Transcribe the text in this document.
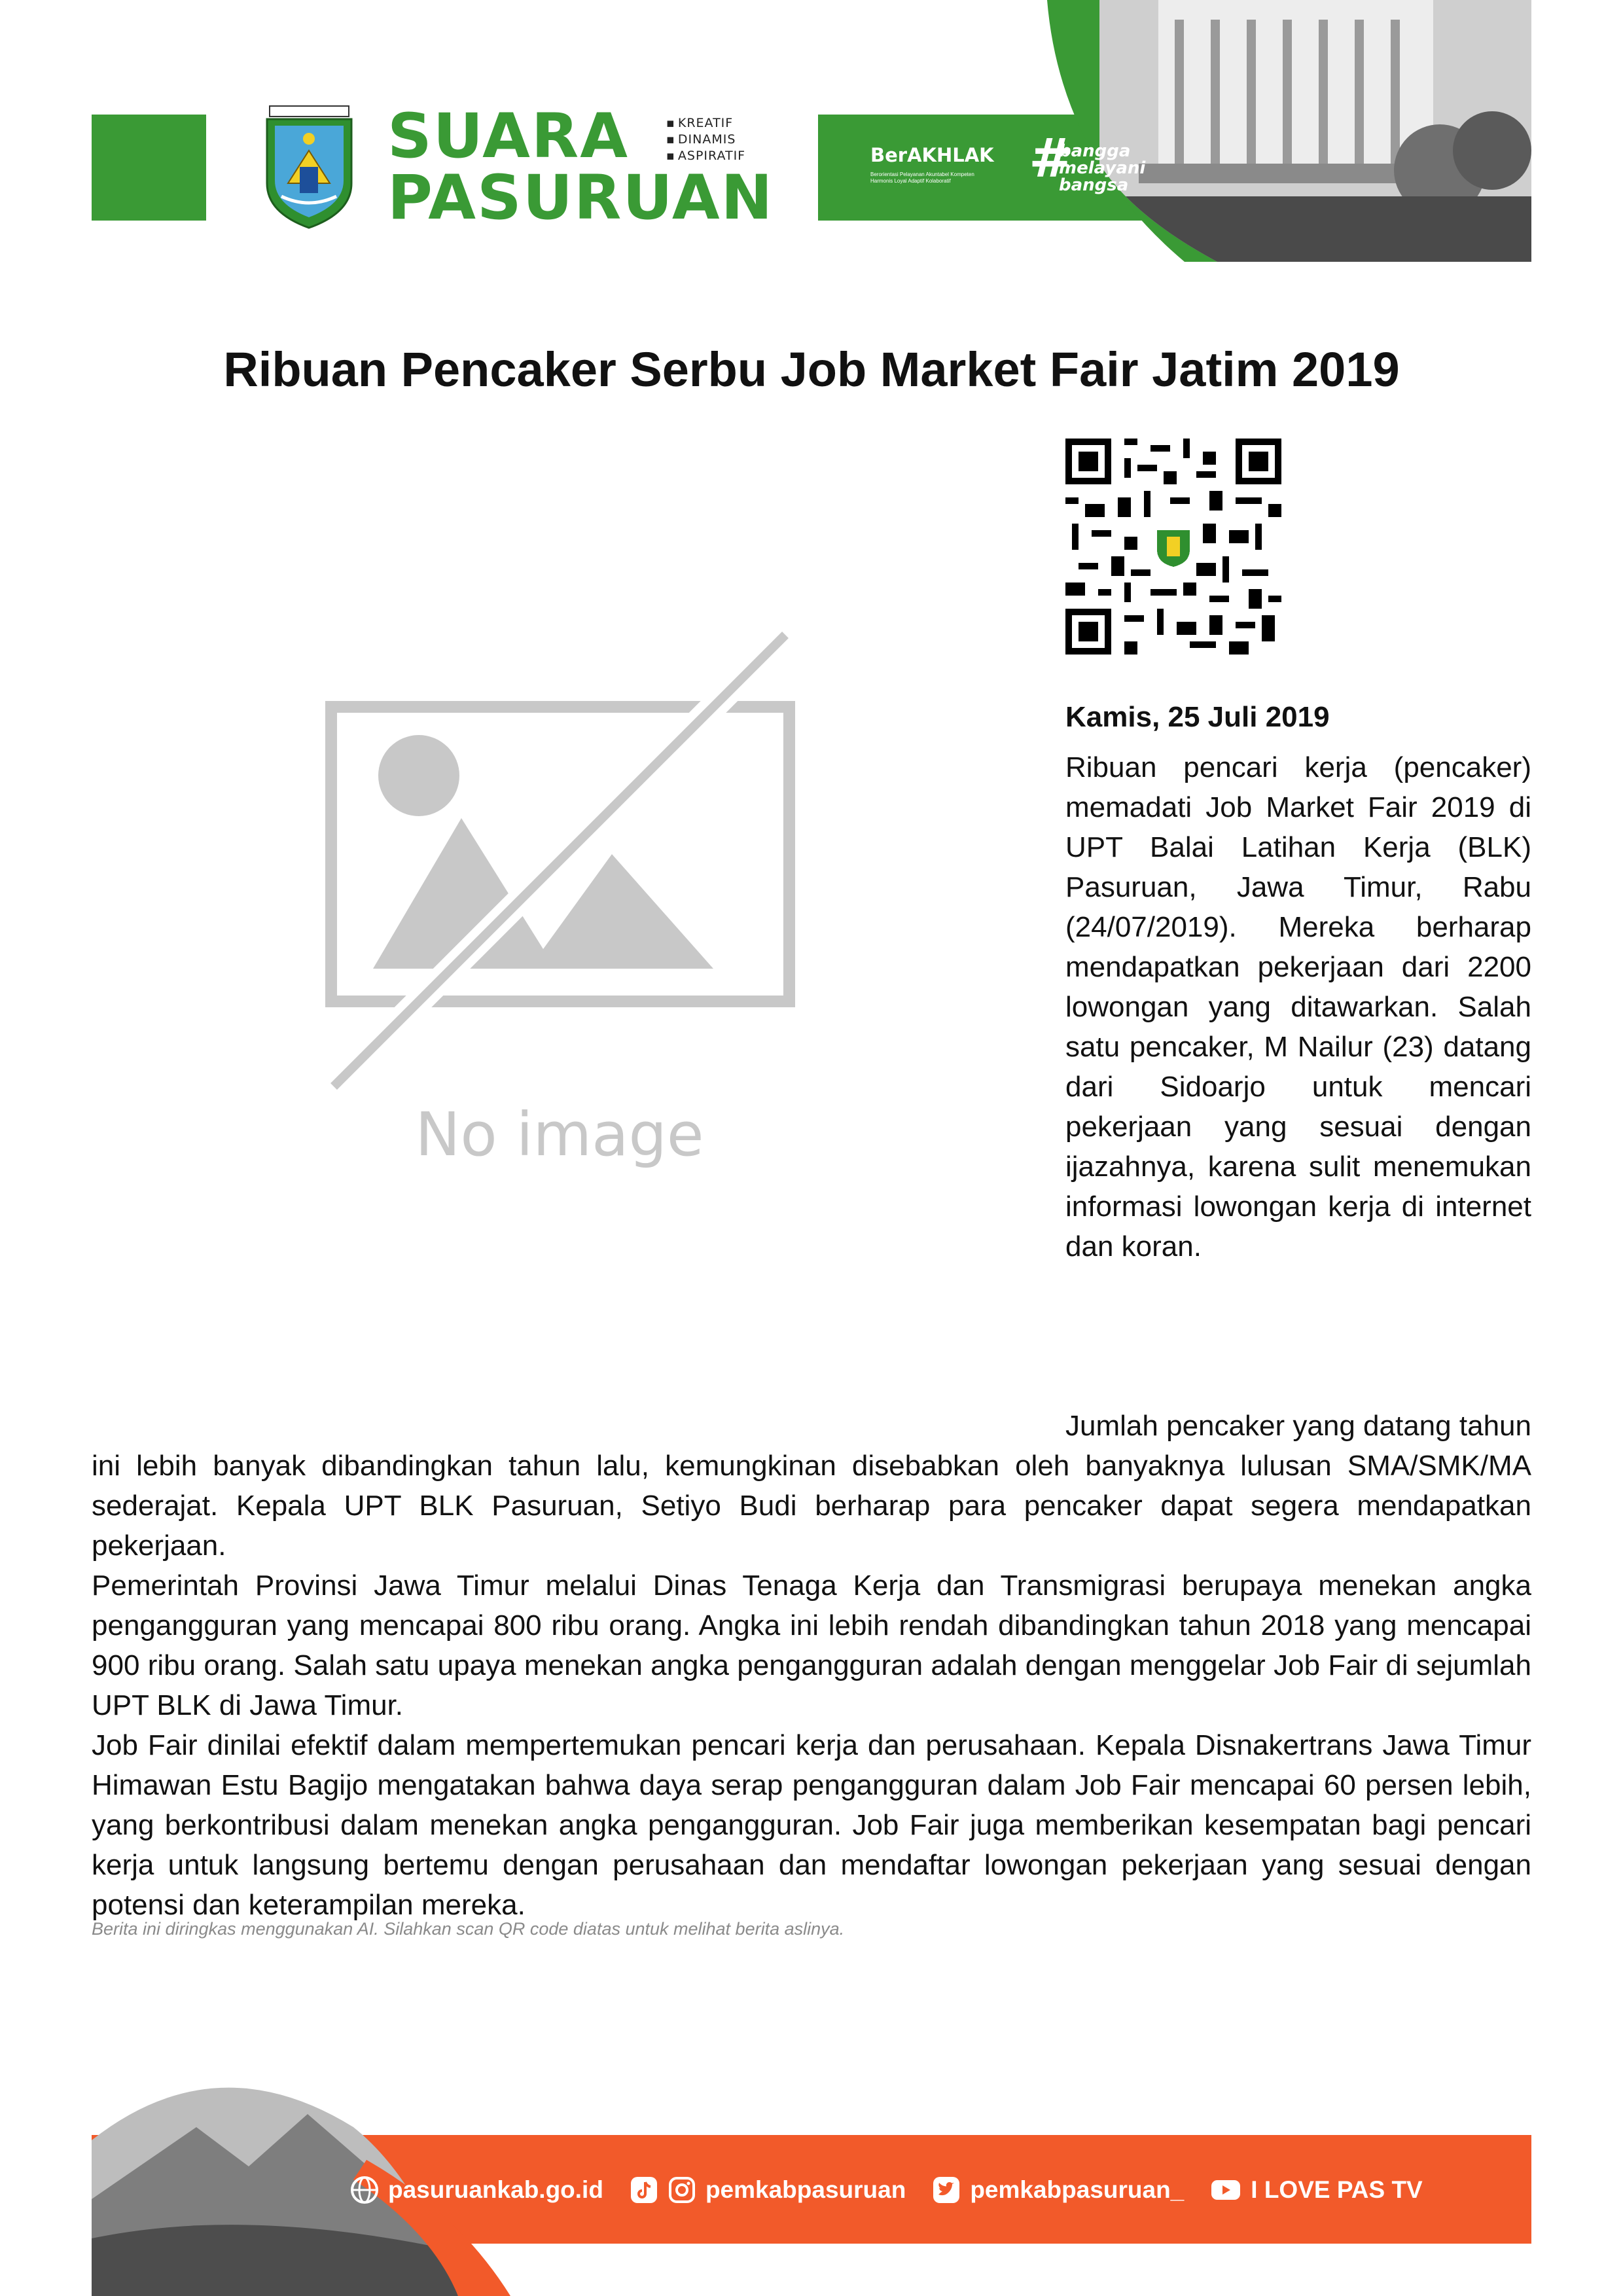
SUARA
PASURUAN
▪ KREATIF
▪ DINAMIS
▪ ASPIRATIF	BerAKHLAK
Berorientasi Pelayanan Akuntabel Kompeten Harmonis Loyal Adaptif Kolaboratif	#
bangga
melayani
bangsa
Ribuan Pencaker Serbu Job Market Fair Jatim 2019
No image
Kamis, 25 Juli 2019
Ribuan pencari kerja (pencaker) memadati Job Market Fair 2019 di UPT Balai Latihan Kerja (BLK) Pasuruan, Jawa Timur, Rabu (24/07/2019). Mereka berharap mendapatkan pekerjaan dari 2200 lowongan yang ditawarkan. Salah satu pencaker, M Nailur (23) datang dari Sidoarjo untuk mencari pekerjaan yang sesuai dengan ijazahnya, karena sulit menemukan informasi lowongan kerja di internet dan koran.

Jumlah pencaker yang datang tahun ini lebih banyak dibandingkan tahun lalu, kemungkinan disebabkan oleh banyaknya lulusan SMA/SMK/MA sederajat. Kepala UPT BLK Pasuruan, Setiyo Budi berharap para pencaker dapat segera mendapatkan pekerjaan.

Pemerintah Provinsi Jawa Timur melalui Dinas Tenaga Kerja dan Transmigrasi berupaya menekan angka pengangguran yang mencapai 800 ribu orang. Angka ini lebih rendah dibandingkan tahun 2018 yang mencapai 900 ribu orang. Salah satu upaya menekan angka pengangguran adalah dengan menggelar Job Fair di sejumlah UPT BLK di Jawa Timur.

Job Fair dinilai efektif dalam mempertemukan pencari kerja dan perusahaan. Kepala Disnakertrans Jawa Timur Himawan Estu Bagijo mengatakan bahwa daya serap pengangguran dalam Job Fair mencapai 60 persen lebih, yang berkontribusi dalam menekan angka pengangguran. Job Fair juga memberikan kesempatan bagi pencari kerja untuk langsung bertemu dengan perusahaan dan mendaftar lowongan pekerjaan yang sesuai dengan potensi dan keterampilan mereka.

Berita ini diringkas menggunakan AI. Silahkan scan QR code diatas untuk melihat berita aslinya.
pasuruankab.go.id	pemkabpasuruan	pemkabpasuruan_	I LOVE PAS TV
